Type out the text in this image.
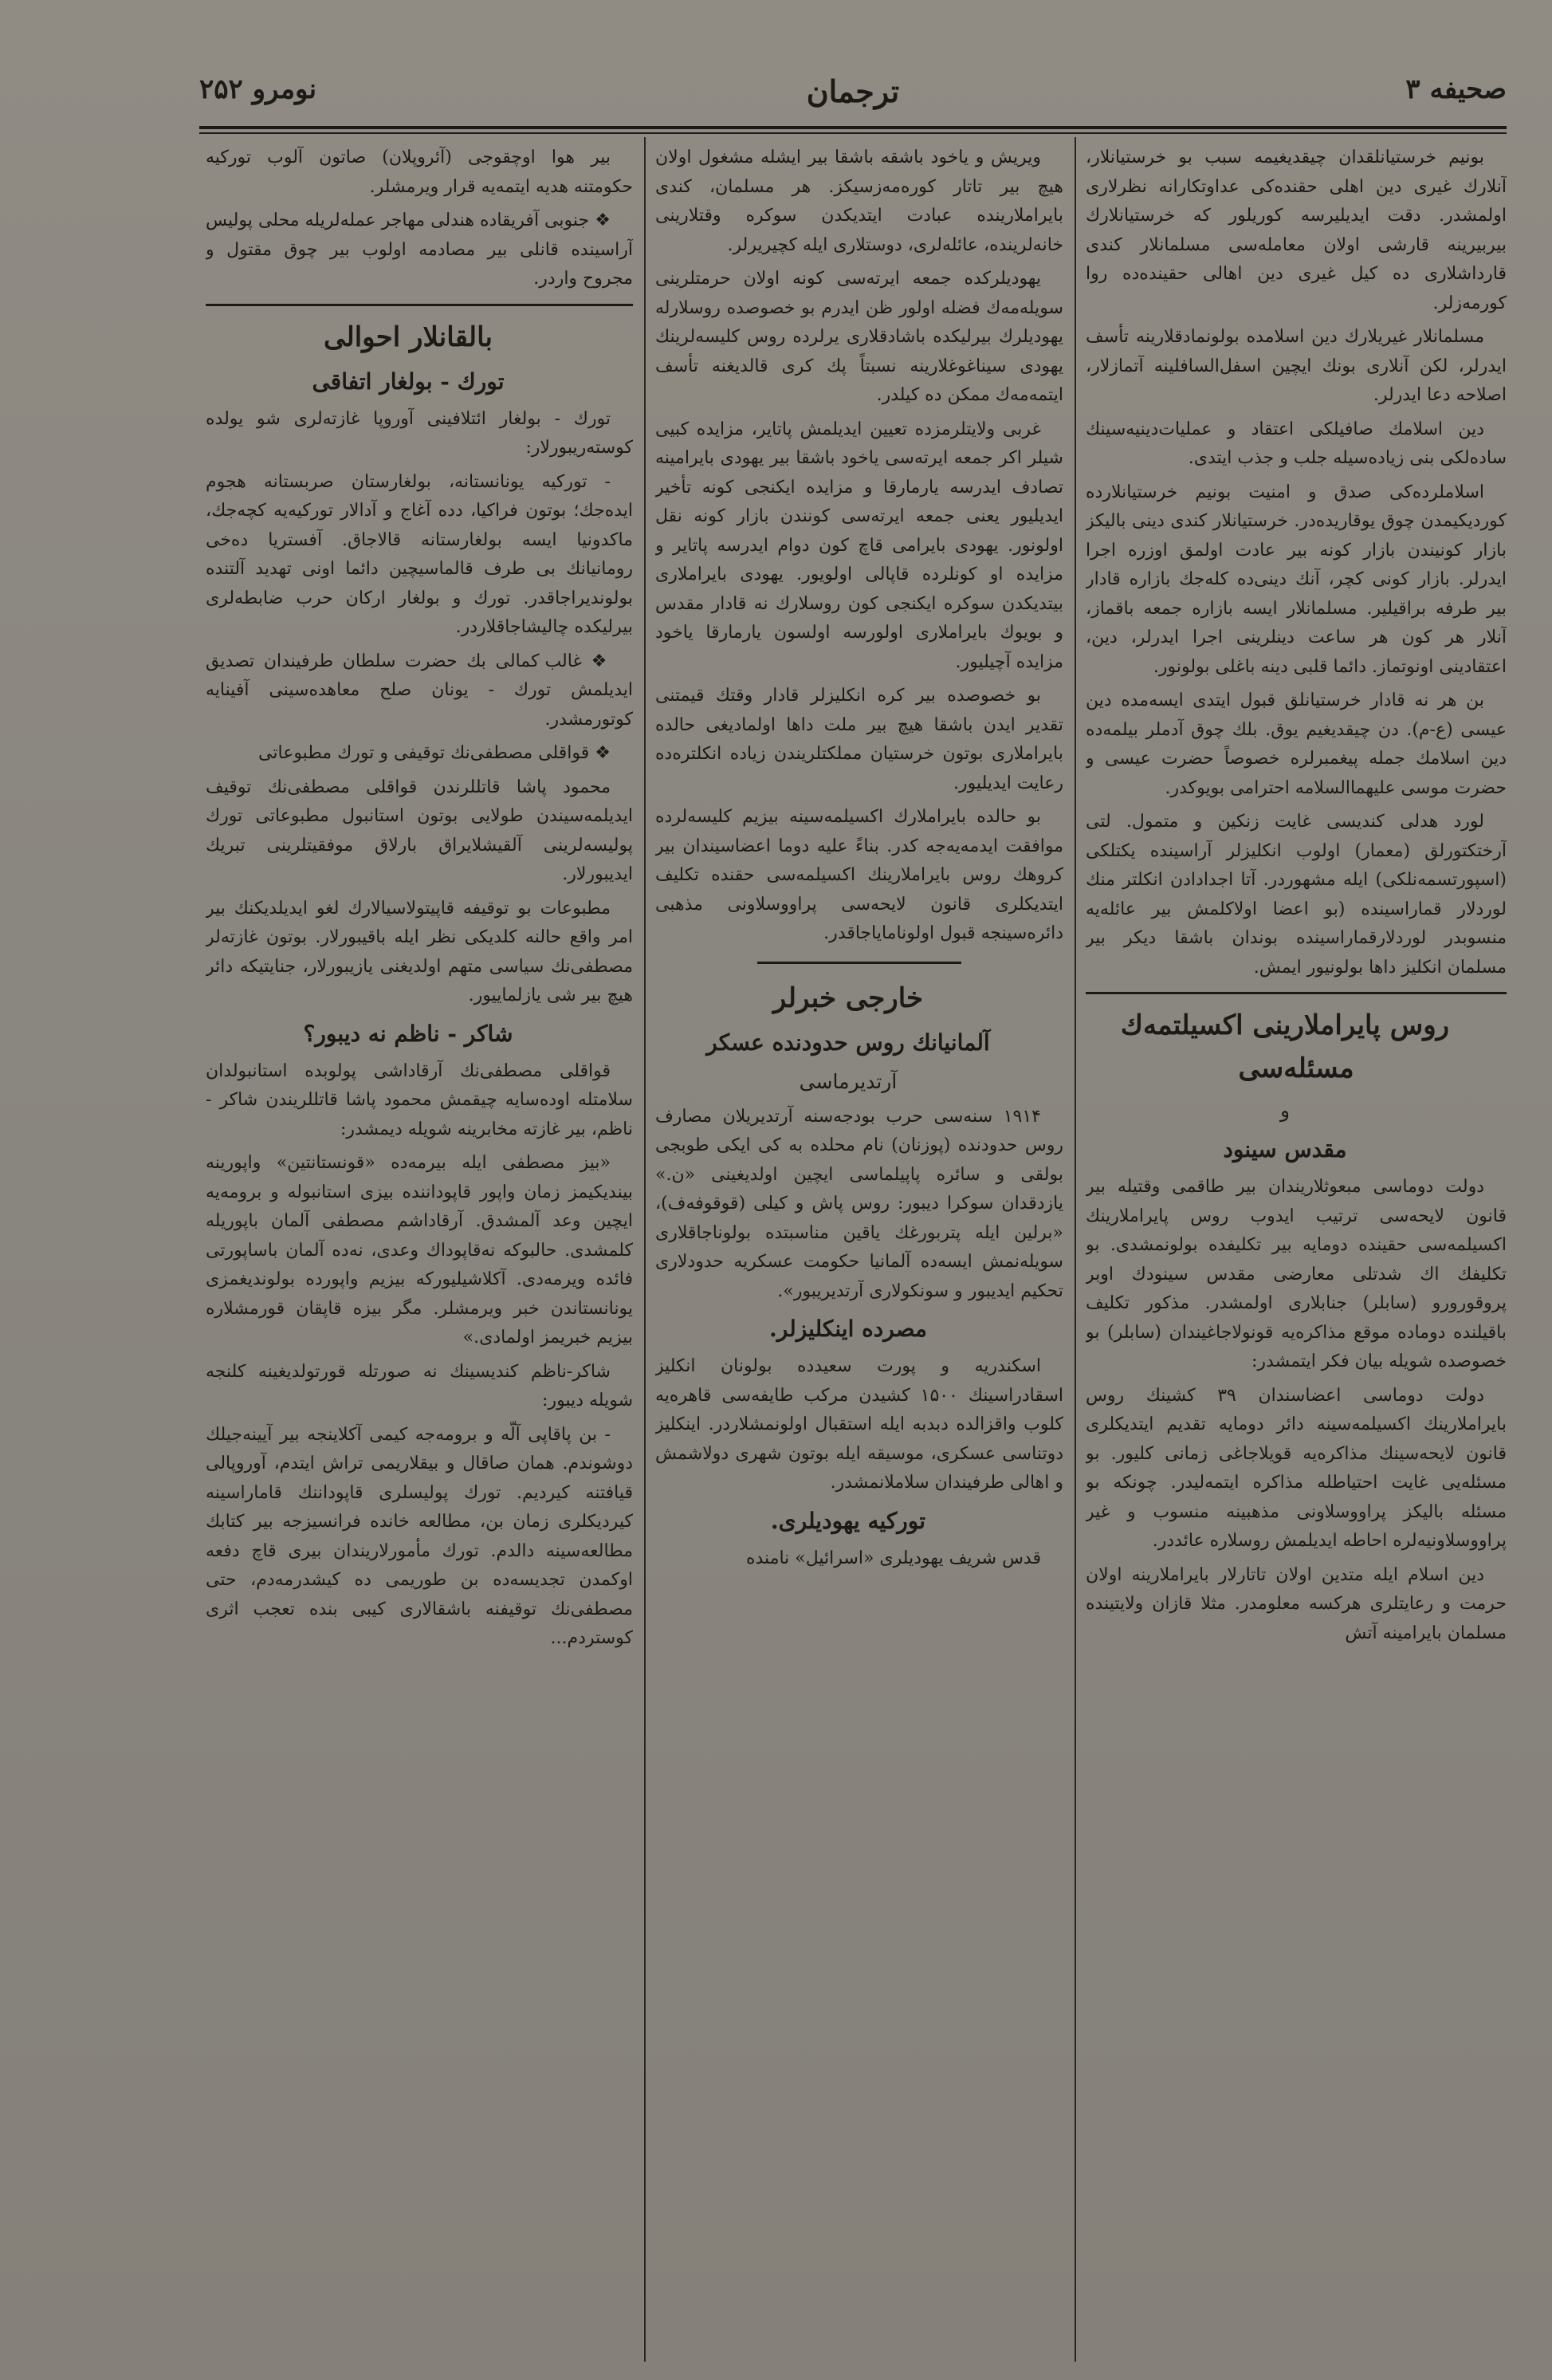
صحیفه ۳
ترجمان
نومرو ۲۵۲

بونیم خرستیانلقدان چیقدیغیمه سبب بو خرستیانلار، آنلارك غیری دین اهلی حقنده‌کی عداوتكارانه نظرلاری اولمشدر. دقت ایدیلیرسه کوریلور که خرستیانلارك بیربیرینه قارشی اولان معامله‌سی مسلمانلار کندی قارداشلاری ده کیل غیری دین اهالی حقینده‌ده روا کورمه‌زلر.

مسلمانلار غیریلارك دین اسلامده بولونمادقلارینه تأسف ایدرلر، لکن آنلاری بونك ایچین اسفل‌السافلینه آتمازلار، اصلاحه دعا ایدرلر.

دین اسلامك صافیلکی اعتقاد و عملیات‌دینیه‌سینك ساده‌لکی بنی زیاده‌سیله جلب و جذب ایتدی.

اسلاملرده‌کی صدق و امنیت بونیم خرستیانلارده کوردیکیمدن چوق یوقاریده‌در. خرستیانلار کندی دینی بالیکز بازار کونیندن بازار کونه بیر عادت اولمق اوزره اجرا ایدرلر. بازار کونی کچر، آنك دینی‌ده کله‌جك بازاره قادار بیر طرفه براقیلیر. مسلمانلار ایسه بازاره جمعه باقماز، آنلار هر کون هر ساعت دینلرینی اجرا ایدرلر، دین، اعتقادینی اونوتماز. دائما قلبی دینه باغلی بولونور.

بن هر نه قادار خرستیانلق قبول ایتدی ایسه‌مده دین عیسی (ع-م). دن چیقدیغیم یوق. بلك چوق آدملر بیلمه‌ده دین اسلامك جمله پیغمبرلره خصوصاً حضرت عیسی و حضرت موسی علیهما‌السلامه احترامی بویوکدر.

لورد هدلی کندیسی غایت زنکین و متمول. لتی آرختکتورلق (معمار) اولوب انکلیزلر آراسینده یکتلکی (اسپورتسمه‌نلکی) ایله مشهوردر. آتا اجدادادن انکلتر منك لوردلار قماراسینده (بو اعضا اولا‌کلمش بیر عائله‌یه منسوبدر لوردلارقماراسینده بوندان باشقا دیکر بیر مسلمان انکلیز داها بولونیور ایمش.

روس پایراملارینی اکسیلتمه‌ك مسئله‌سی

و

مقدس سینود

دولت دوماسی مبعوثلاریندان بیر طاقمی وقتیله بیر قانون لایحه‌سی ترتیب ایدوب روس پایراملارینك اکسیلمه‌سی حقینده دومایه بیر تکلیفده بولونمشدی. بو تکلیفك اك شدتلی معارضی مقدس سینودك اوبر پروقورورو (سابلر) جنابلاری اولمشدر. مذکور تکلیف باقیلنده دوماده موقع مذاکره‌یه قونولاجاغیندان (سابلر) بو خصوصده شویله بیان فکر ایتمشدر:

دولت دوماسی اعضاسندان ۳۹ کشینك روس بایراملارینك اکسیلمه‌سینه دائر دومایه تقدیم ایتدیکلری قانون لایحه‌سینك مذاکره‌یه قویلاجاغی زمانی کلیور. بو مسئله‌یی غایت احتیاطله مذاکره ایتمه‌لیدر. چونکه بو مسئله بالیکز پراووسلاونی مذهبینه منسوب و غیر پراووسلاونیه‌لره احاطه ایدیلمش روسلاره عائددر.

دین اسلام ایله متدین اولان تاتارلار بایراملارینه اولان حرمت و رعایتلری هرکسه معلومدر. مثلا قازان ولایتینده مسلمان بایرامینه آتش

ویریش و یاخود باشقه باشقا بیر ایشله مشغول اولان هیچ بیر تاتار کوره‌مه‌زسیکز. هر مسلمان، کندی بایراملارینده عبادت ایتدیکدن سوکره وقتلارینی خانه‌لرینده، عائله‌لری، دوستلاری ایله کچیریرلر.

یهودیلرکده جمعه ایرته‌سی کونه اولان حرمتلرینی سویله‌مه‌ك فضله اولور ظن ایدرم بو خصوصده روسلارله یهودیلرك بیرلیکده باشادقلاری یرلرده روس کلیسه‌لرینك یهودی سیناغوغلارینه نسبتاً پك کری قالدیغنه تأسف ایتمه‌مه‌ك ممکن ده کیلدر.

غربی ولایتلرمزده تعیین ایدیلمش پاتایر، مزایده کبیی شیلر اکر جمعه ایرته‌سی یاخود باشقا بیر یهودی بایرامینه تصادف ایدرسه یارمارقا و مزایده ایکنجی کونه تأخیر ایدیلیور یعنی جمعه ایرته‌سی کونندن بازار کونه نقل اولونور. یهودی بایرامی قاچ کون دوام ایدرسه پاتایر و مزایده او کونلرده قاپالی اولویور. یهودی بایراملاری بیتدیکدن سوکره ایکنجی کون روسلارك نه قادار مقدس و بویوك بایراملاری اولورسه اولسون یارمارقا یاخود مزایده آچیلیور.

بو خصوصده بیر کره انکلیزلر قادار وقتك قیمتنی تقدیر ایدن باشقا هیچ بیر ملت داها اولمادیغی حالده بایراملاری بوتون خرستیان مملکتلریندن زیاده انکلتره‌ده رعایت ایدیلیور.

بو حالده بایراملارك اکسیلمه‌سینه بیزیم کلیسه‌لرده موافقت ایدمه‌یه‌جه کدر. بناءً علیه دوما اعضاسیندان بیر کروهك روس بایراملارینك اکسیلمه‌سی حقنده تکلیف ایتدیکلری قانون لایحه‌سی پراووسلاونی مذهبی دائره‌سینجه قبول اولونامایاجاقدر.

خارجی خبرلر

آلمانیانك روس حدودنده عسکر

آرتدیرماسی

۱۹۱۴ سنه‌سی حرب بودجه‌سنه آرتدیریلان مصارف روس حدودنده (پوزنان) نام محلده به کی ایکی طوبجی بولقی و سائره پاپیلماسی ایچین اولدیغینی «ن.» یازدقدان سوکرا دیبور: روس پاش و کیلی (قوقوفه‌ف)، «برلین ایله پتربورغك یاقین مناسبتده بولوناجاقلاری سویله‌نمش ایسه‌ده آلمانیا حکومت عسکریه حدودلاری تحکیم ایدیبور و سونکولاری آرتدیریبور».

مصرده اینکلیزلر.

اسکندریه و پورت سعیدده بولونان انکلیز اسقادراسینك ۱۵۰۰ کشیدن مرکب طایفه‌سی قاهره‌یه کلوب واقزالده دبدبه ایله استقبال اولونمشلاردر. اینکلیز دوتناسی عسکری، موسیقه ایله بوتون شهری دولاشمش و اهالی طرفیندان سلاملانمشدر.

تورکیه یهودیلری.

قدس شریف یهودیلری «اسرائیل» نامنده

بیر هوا اوچقوجی (آئروپلان) صاتون آلوب تورکیه حکومتنه هدیه ایتمه‌یه قرار ویرمشلر.

❖ جنوبی آفریقاده هندلی مهاجر عمله‌لریله محلی پولیس آراسینده قانلی بیر مصادمه اولوب بیر چوق مقتول و مجروح واردر.

بالقانلار احوالی

تورك - بولغار اتفاقی

تورك - بولغار ائتلافینی آوروپا غازته‌لری شو یولده کوسته‌ریبورلار:

- تورکیه یونانستانه، بولغارستان صربستانه هجوم ایده‌جك؛ بوتون فراکیا، دده آغاج و آدالار تورکیه‌یه کچه‌جك، ماکدونیا ایسه بولغارستانه قالاجاق. آفستریا ده‌خی رومانیانك بی طرف قالماسیچین دائما اونی تهدید آلتنده بولوندیراجاقدر. تورك و بولغار ارکان حرب ضابطه‌لری بیرلیکده چالیشاجاقلاردر.

❖ غالب کمالی بك حضرت سلطان طرفیندان تصدیق ایدیلمش تورك - یونان صلح معاهده‌سینی آفینایه کوتورمشدر.

❖ قواقلی مصطفی‌نك توقیفی و تورك مطبوعاتی

محمود پاشا قاتللرندن قواقلی مصطفی‌نك توقیف ایدیلمه‌سیندن طولایی بوتون استانبول مطبوعاتی تورك پولیسه‌لرینی آلقیشلایراق بارلاق موفقیتلرینی تبریك ایدیبورلار.

مطبوعات بو توقیفه قاپیتولاسیالارك لغو ایدیلدیکنك بیر امر واقع حالنه کلدیکی نظر ایله باقیبورلار. بوتون غازته‌لر مصطفی‌نك سیاسی متهم اولدیغنی یازیبورلار، جنایتیکه دائر هیچ بیر شی یازلماییور.

شاکر - ناظم نه دیبور؟

قواقلی مصطفی‌نك آرقاداشی پولوبده استانبولدان سلامتله اوده‌سایه چیقمش محمود پاشا قاتللریندن شاکر - ناظم، بیر غازته مخابرینه شویله دیمشدر:

«بیز مصطفی ایله بیرمه‌ده «قونستانتین» واپورینه بیندیکیمز زمان واپور قاپوداننده بیزی استانبوله و برومه‌یه ایچین وعد آلمشدق. آرقاداشم مصطفی آلمان باپوریله کلمشدی. حالبوکه نه‌قاپوداك وعدی، نه‌ده آلمان باساپورتی فائده ویرمه‌دی. آکلاشیلیورکه بیزیم واپورده بولوندیغمزی یونانستاندن خبر ویرمشلر. مگر بیزه قاپقان قورمشلاره بیزیم خبریمز اولمادی.»

شاکر-ناظم کندیسینك نه صورتله قورتولدیغینه کلنجه شویله دیبور:

- بن پاقاپی آلّه و برومه‌جه کیمی آکلاینجه بیر آیینه‌جیلك دوشوندم. همان صاقال و بیقلاریمی تراش ایتدم، آوروپالی قیافتنه کیردیم. تورك پولیسلری قاپوداننك قاماراسینه کیردیکلری زمان بن، مطالعه خانده فرانسیزجه بیر کتابك مطالعه‌سینه دالدم. تورك مأمورلاریندان بیری قاچ دفعه اوکمدن تجدیسه‌ده بن طوریمی ده کیشدرمه‌دم، حتی مصطفی‌نك توقیفنه باشقالاری کیبی بنده تعجب اثری کوستردم...
